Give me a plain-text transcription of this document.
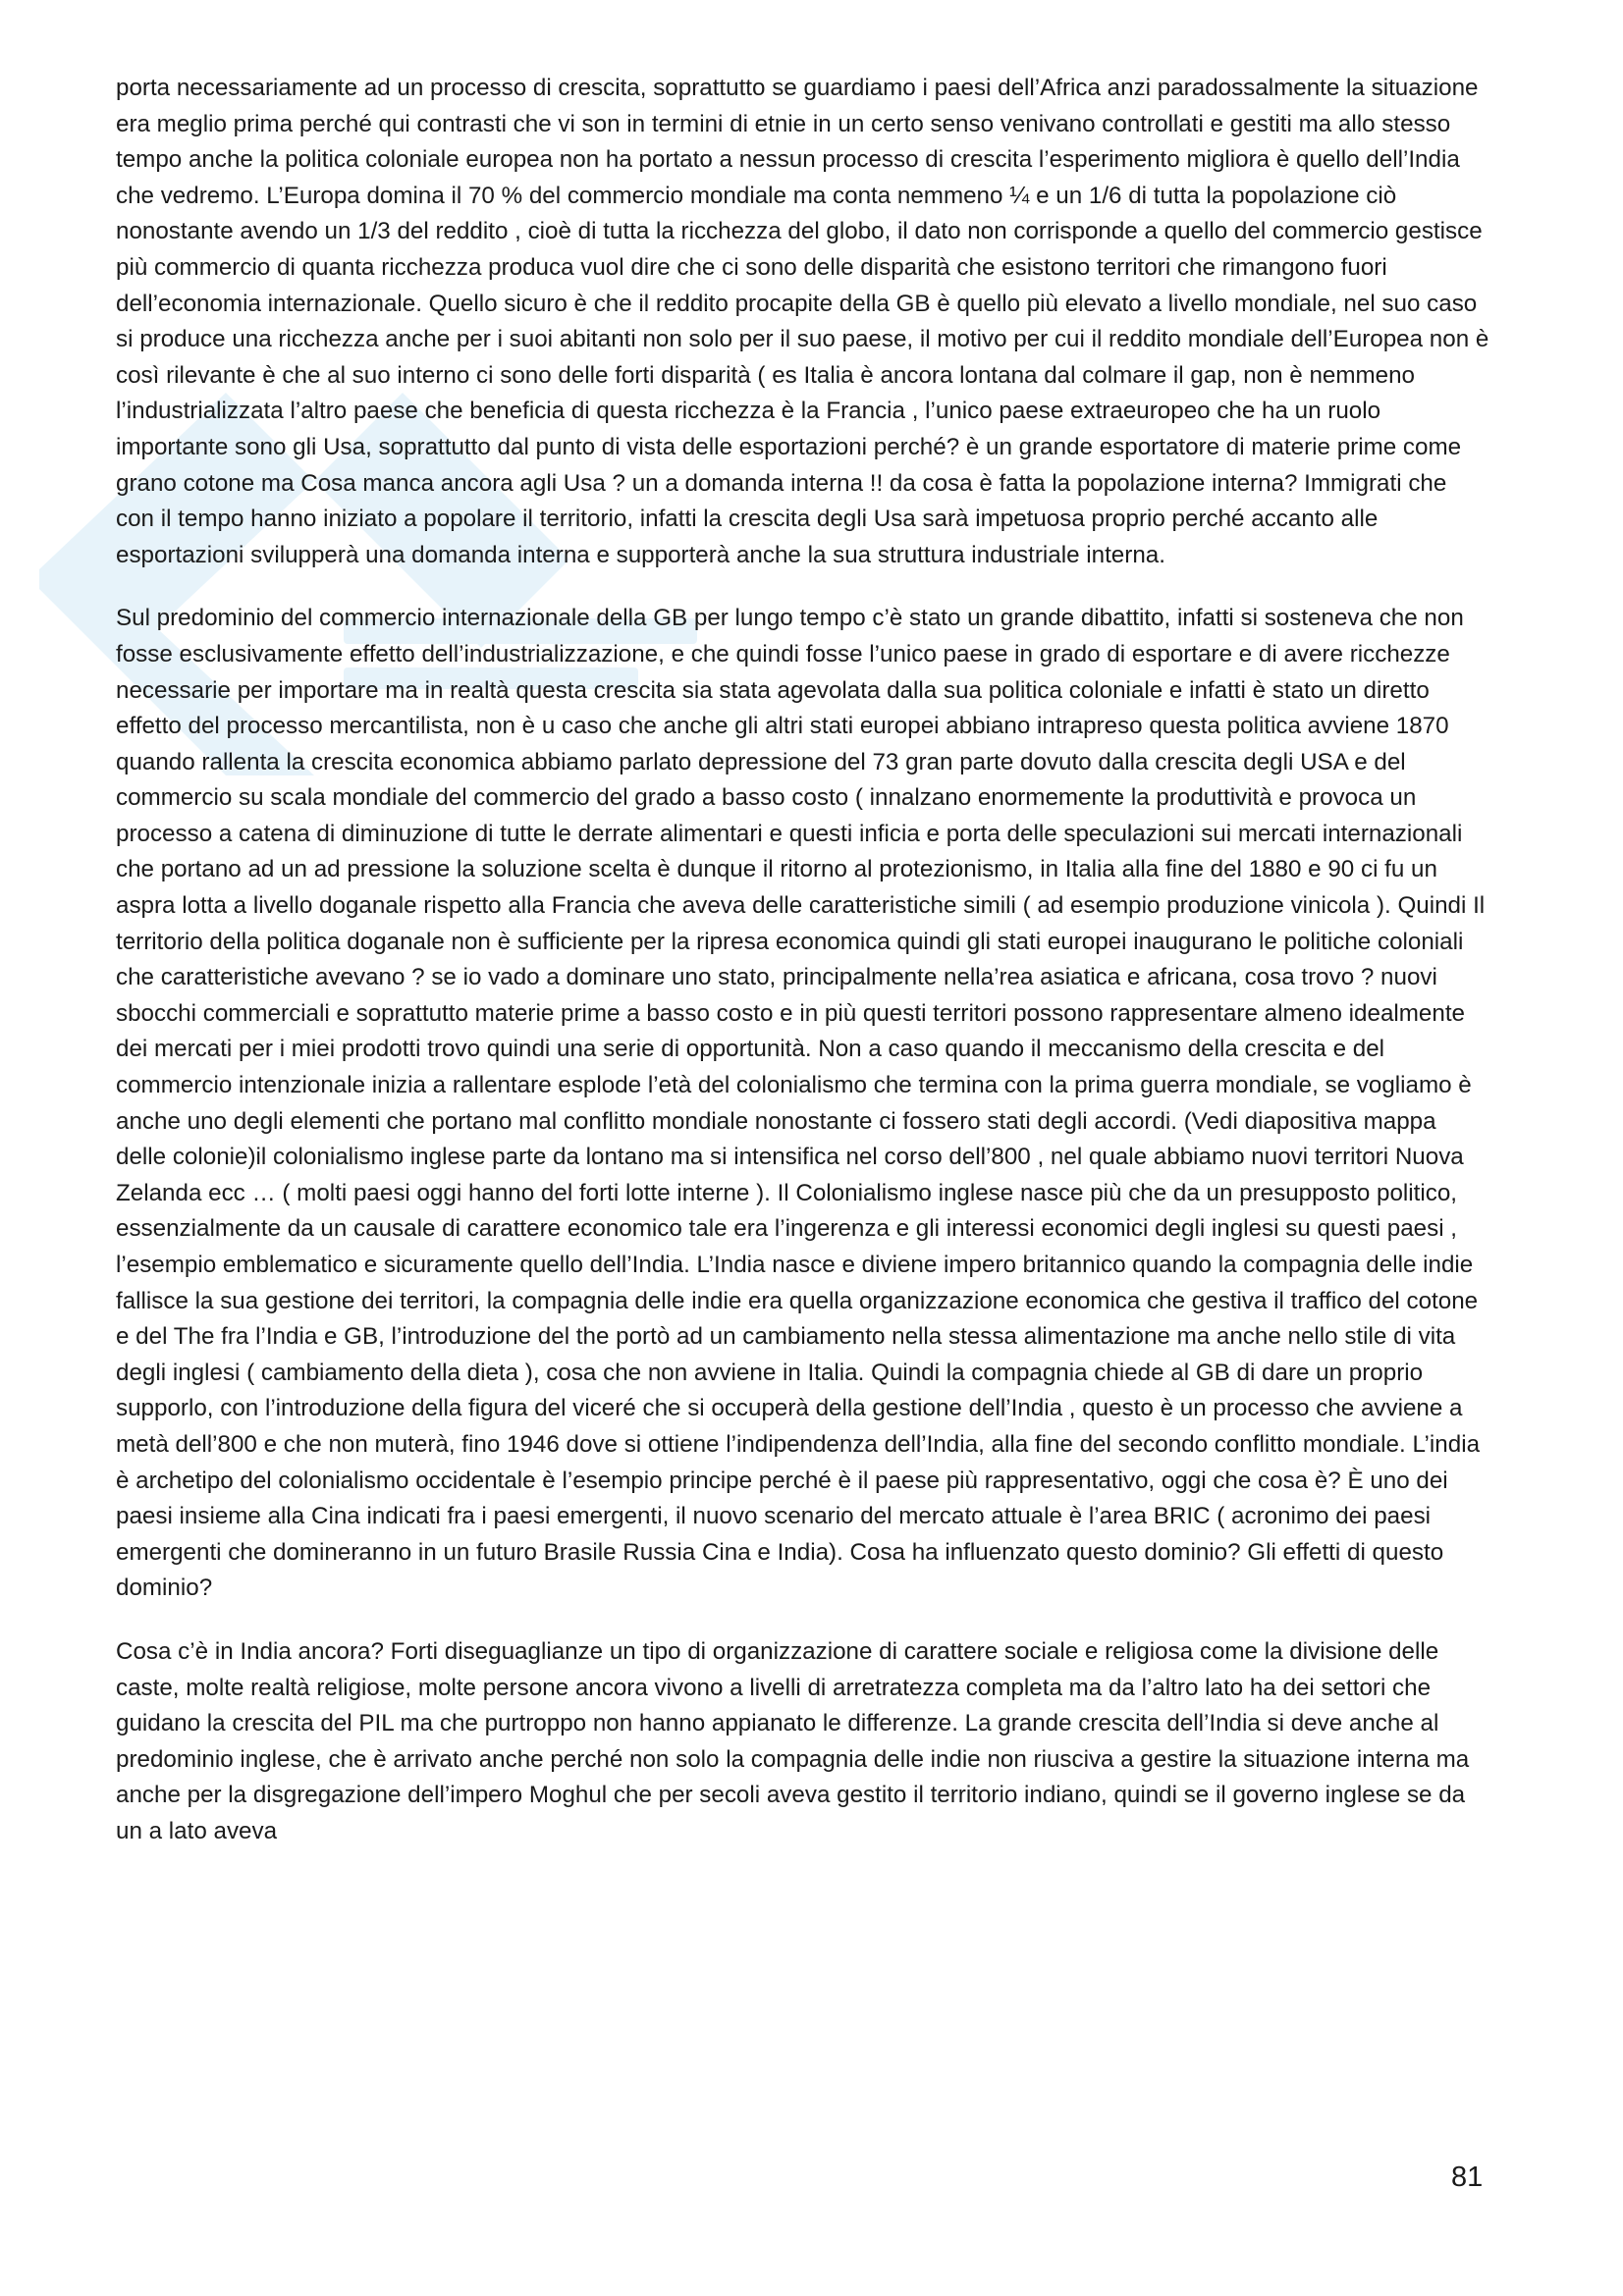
porta necessariamente ad un processo di crescita, soprattutto se guardiamo i paesi dell’Africa anzi paradossalmente la situazione era meglio prima perché qui contrasti che vi son in termini di etnie in un certo senso venivano controllati e gestiti ma allo stesso tempo anche la politica coloniale europea non ha portato a nessun processo di crescita l’esperimento migliora è quello dell’India che vedremo. L’Europa domina il 70 % del commercio mondiale ma conta nemmeno ¼ e un 1/6 di tutta la popolazione ciò nonostante avendo un 1/3 del reddito , cioè di tutta la ricchezza del globo, il dato non corrisponde a quello del commercio gestisce più commercio di quanta ricchezza produca vuol dire che ci sono delle disparità che esistono territori che rimangono fuori dell’economia internazionale. Quello sicuro è che il reddito procapite della GB è quello più elevato a livello mondiale, nel suo caso si produce una ricchezza anche per i suoi abitanti non solo per il suo paese, il motivo per cui il reddito mondiale dell’Europea non è così rilevante è che al suo interno ci sono delle forti disparità ( es Italia è ancora lontana dal colmare il gap, non è nemmeno l’industrializzata l’altro paese che beneficia di questa ricchezza è la Francia , l’unico paese extraeuropeo che ha un ruolo importante sono gli Usa, soprattutto dal punto di vista delle esportazioni perché? è un grande esportatore di materie prime come grano cotone ma Cosa manca ancora agli Usa ? un a domanda interna !! da cosa è fatta la popolazione interna? Immigrati che con il tempo hanno iniziato a popolare il territorio, infatti la crescita degli Usa sarà impetuosa proprio perché accanto alle esportazioni svilupperà una domanda interna e supporterà anche la sua struttura industriale interna.

Sul predominio del commercio internazionale della GB per lungo tempo c’è stato un grande dibattito, infatti si sosteneva che non fosse esclusivamente effetto dell’industrializzazione, e che quindi fosse l’unico paese in grado di esportare e di avere ricchezze necessarie per importare ma in realtà questa crescita sia stata agevolata dalla sua politica coloniale e infatti è stato un diretto effetto del processo mercantilista, non è u caso che anche gli altri stati europei abbiano intrapreso questa politica avviene 1870 quando rallenta la crescita economica abbiamo parlato depressione del 73 gran parte dovuto dalla crescita degli USA e del commercio su scala mondiale del commercio del grado a basso costo ( innalzano enormemente la produttività e provoca un processo a catena di diminuzione di tutte le derrate alimentari e questi inficia e porta delle speculazioni sui mercati internazionali che portano ad un ad pressione la soluzione scelta è dunque il ritorno al protezionismo, in Italia alla fine del 1880 e 90 ci fu un aspra lotta a livello doganale rispetto alla Francia che aveva delle caratteristiche simili ( ad esempio produzione vinicola ). Quindi Il territorio della politica doganale non è sufficiente per la ripresa economica quindi gli stati europei inaugurano le politiche coloniali che caratteristiche avevano ? se io vado a dominare uno stato, principalmente nella’rea asiatica e africana, cosa trovo ? nuovi sbocchi commerciali e soprattutto materie prime a basso costo e in più questi territori possono rappresentare almeno idealmente dei mercati per i miei prodotti trovo quindi una serie di opportunità. Non a caso quando il meccanismo della crescita e del commercio intenzionale inizia a rallentare esplode l’età del colonialismo che termina con la prima guerra mondiale, se vogliamo è anche uno degli elementi che portano mal conflitto mondiale nonostante ci fossero stati degli accordi. (Vedi diapositiva mappa delle colonie)il colonialismo inglese parte da lontano ma si intensifica nel corso dell’800 , nel quale abbiamo nuovi territori Nuova Zelanda ecc … ( molti paesi oggi hanno del forti lotte interne ). Il Colonialismo inglese nasce più che da un presupposto politico, essenzialmente da un causale di carattere economico tale era l’ingerenza e gli interessi economici degli inglesi su questi paesi , l’esempio emblematico e sicuramente quello dell’India. L’India nasce e diviene impero britannico quando la compagnia delle indie fallisce la sua gestione dei territori, la compagnia delle indie era quella organizzazione economica che gestiva il traffico del cotone e del The fra l’India e GB, l’introduzione del the portò ad un cambiamento nella stessa alimentazione ma anche nello stile di vita degli inglesi ( cambiamento della dieta ), cosa che non avviene in Italia. Quindi la compagnia chiede al GB di dare un proprio supporlo, con l’introduzione della figura del viceré che si occuperà della gestione dell’India , questo è un processo che avviene a metà dell’800 e che non muterà, fino 1946 dove si ottiene l’indipendenza dell’India, alla fine del secondo conflitto mondiale. L’india è archetipo del colonialismo occidentale è l’esempio principe perché è il paese più rappresentativo, oggi che cosa è? È uno dei paesi insieme alla Cina indicati fra i paesi emergenti, il nuovo scenario del mercato attuale è l’area BRIC ( acronimo dei paesi emergenti che domineranno in un futuro Brasile Russia Cina e India). Cosa ha influenzato questo dominio? Gli effetti di questo dominio?

Cosa c’è in India ancora? Forti diseguaglianze un tipo di organizzazione di carattere sociale e religiosa come la divisione delle caste, molte realtà religiose, molte persone ancora vivono a livelli di arretratezza completa ma da l’altro lato ha dei settori che guidano la crescita del PIL ma che purtroppo non hanno appianato le differenze. La grande crescita dell’India si deve anche al predominio inglese, che è arrivato anche perché non solo la compagnia delle indie non riusciva a gestire la situazione interna ma anche per la disgregazione dell’impero Moghul che per secoli aveva gestito il territorio indiano, quindi se il governo inglese se da un a lato aveva

81
